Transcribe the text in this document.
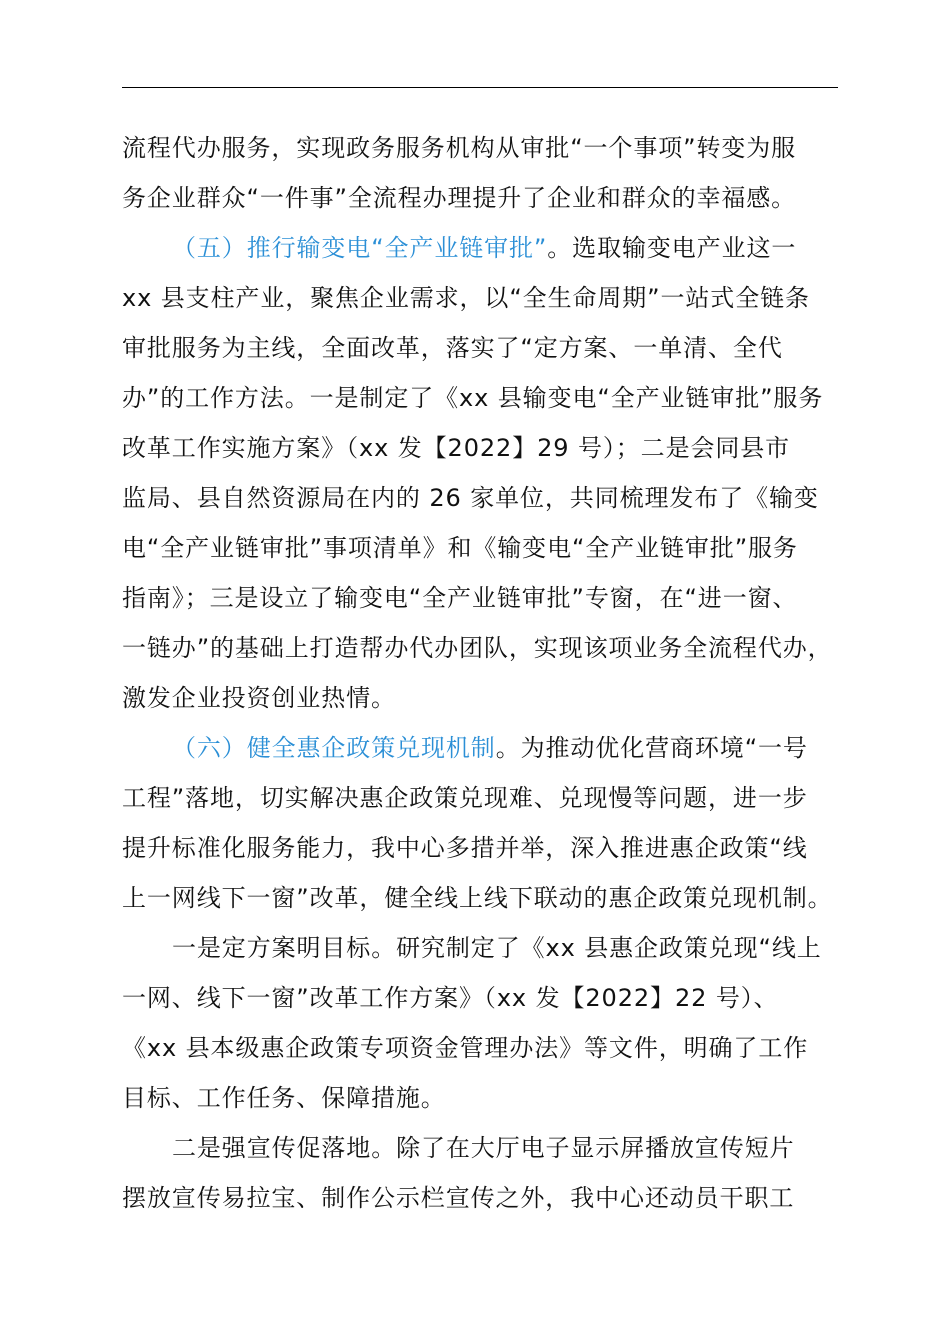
流程代办服务，实现政务服务机构从审批“一个事项”转变为服
务企业群众“一件事”全流程办理提升了企业和群众的幸福感。
（五）推行输变电“全产业链审批”。选取输变电产业这一
xx 县支柱产业，聚焦企业需求，以“全生命周期”一站式全链条
审批服务为主线，全面改革，落实了“定方案、一单清、全代
办”的工作方法。一是制定了《xx 县输变电“全产业链审批”服务
改革工作实施方案》（xx 发【2022】29 号）；二是会同县市
监局、县自然资源局在内的 26 家单位，共同梳理发布了《输变
电“全产业链审批”事项清单》和《输变电“全产业链审批”服务
指南》；三是设立了输变电“全产业链审批”专窗，在“进一窗、
一链办”的基础上打造帮办代办团队，实现该项业务全流程代办，
激发企业投资创业热情。
（六）健全惠企政策兑现机制。为推动优化营商环境“一号
工程”落地，切实解决惠企政策兑现难、兑现慢等问题，进一步
提升标准化服务能力，我中心多措并举，深入推进惠企政策“线
上一网线下一窗”改革，健全线上线下联动的惠企政策兑现机制。
一是定方案明目标。研究制定了《xx 县惠企政策兑现“线上
一网、线下一窗”改革工作方案》（xx 发【2022】22 号）、
《xx 县本级惠企政策专项资金管理办法》等文件，明确了工作
目标、工作任务、保障措施。
二是强宣传促落地。除了在大厅电子显示屏播放宣传短片
摆放宣传易拉宝、制作公示栏宣传之外，我中心还动员干职工
